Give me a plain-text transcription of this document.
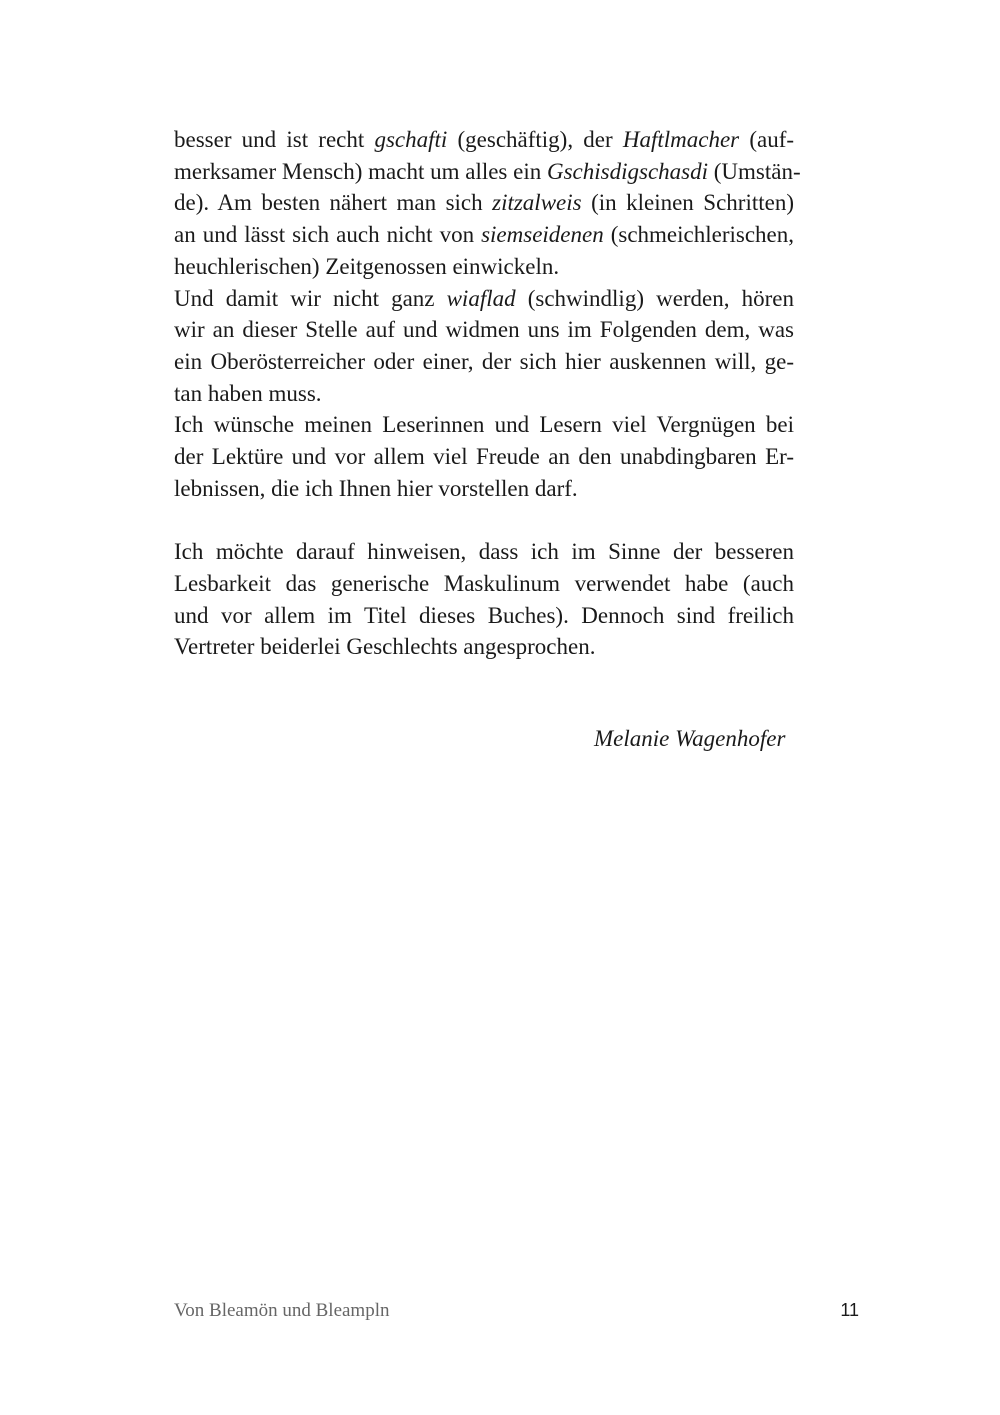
besser und ist recht gschafti (geschäftig), der Haftlmacher (auf-
merksamer Mensch) macht um alles ein Gschisdigschasdi (Umstän-
de). Am besten nähert man sich zitzalweis (in kleinen Schritten)
an und lässt sich auch nicht von siemseidenen (schmeichlerischen,
heuchlerischen) Zeitgenossen einwickeln.

Und damit wir nicht ganz wiaflad (schwindlig) werden, hören
wir an dieser Stelle auf und widmen uns im Folgenden dem, was
ein Oberösterreicher oder einer, der sich hier auskennen will, ge-
tan haben muss.

Ich wünsche meinen Leserinnen und Lesern viel Vergnügen bei
der Lektüre und vor allem viel Freude an den unabdingbaren Er-
lebnissen, die ich Ihnen hier vorstellen darf.

Ich möchte darauf hinweisen, dass ich im Sinne der besseren
Lesbarkeit das generische Maskulinum verwendet habe (auch
und vor allem im Titel dieses Buches). Dennoch sind freilich
Vertreter beiderlei Geschlechts angesprochen.

Melanie Wagenhofer
Von Bleamön und Bleampln	11
